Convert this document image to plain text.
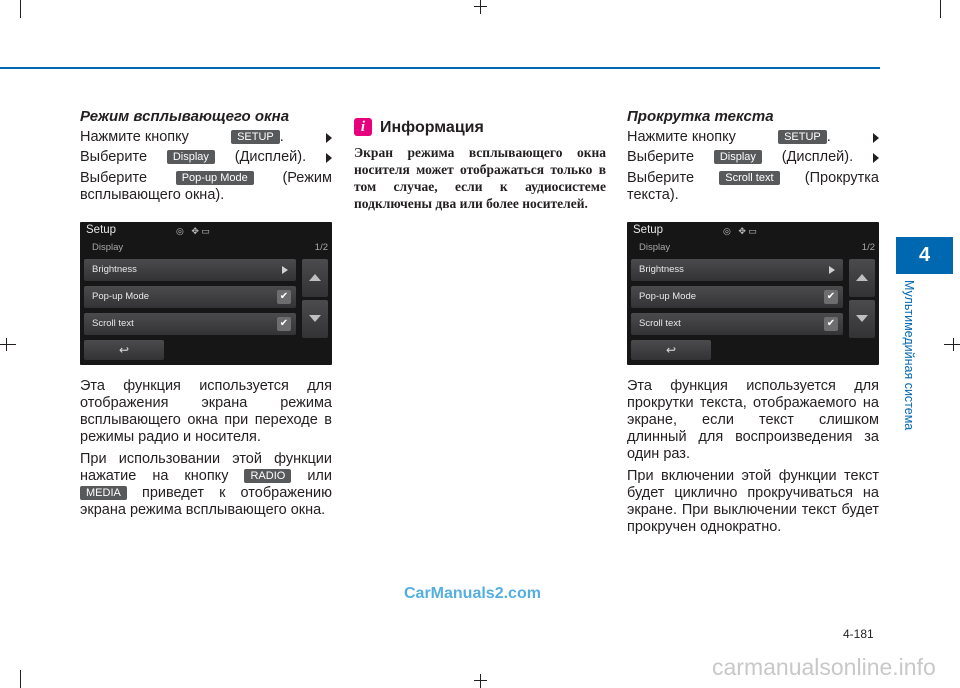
Режим всплывающего окна
Нажмите кнопку	SETUP .
Выберите	Display	(Дисплей).
Выберите	Pop-up Mode	(Режим

всплывающего окна).

Setup	◎   ✥ ▭
Display	1/2
Brightness
Pop-up Mode	✔
Scroll text	✔
↩

Эта функция используется для отображения экрана режима всплывающего окна при переходе в режимы радио и носителя.

При использовании этой функции нажатие на кнопку RADIO или MEDIA приведет к отображению экрана режима всплывающего окна.

i Информация
Экран режима всплывающего окна носителя может отображаться только в том случае, если к аудиосистеме подключены два или более носителей.
Прокрутка текста
Нажмите кнопку	SETUP .
Выберите	Display	(Дисплей).
Выберите	Scroll text	(Прокрутка

текста).

Setup	◎   ✥ ▭
Display	1/2
Brightness
Pop-up Mode	✔
Scroll text	✔
↩

Эта функция используется для прокрутки текста, отображаемого на экране, если текст слишком длинный для воспроизведения за один раз.

При включении этой функции текст будет циклично прокручиваться на экране. При выключении текст будет прокручен однократно.

4
Мультимедийная система
4-181
CarManuals2.com
carmanualsonline.info
